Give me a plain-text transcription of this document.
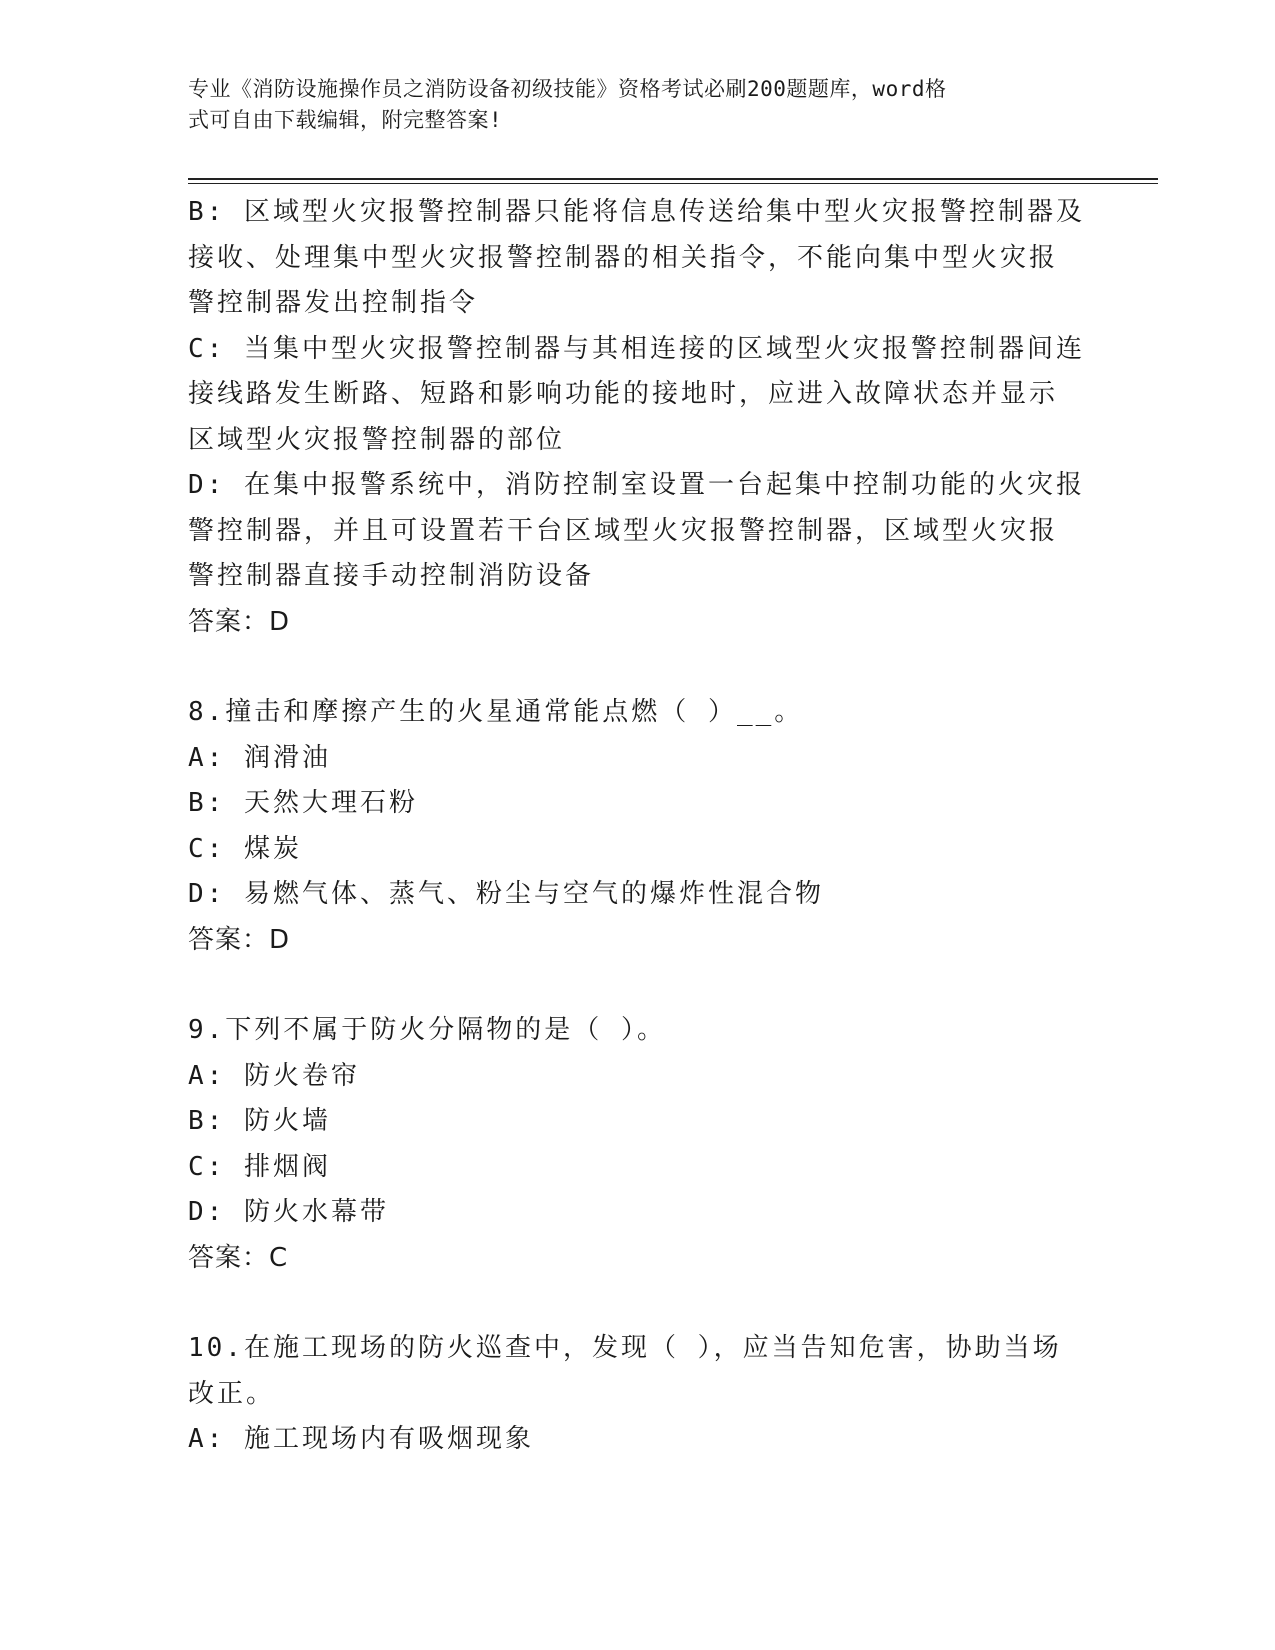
专业《消防设施操作员之消防设备初级技能》资格考试必刷200题题库，word格
式可自由下载编辑，附完整答案!
B: 区域型火灾报警控制器只能将信息传送给集中型火灾报警控制器及
接收、处理集中型火灾报警控制器的相关指令，不能向集中型火灾报
警控制器发出控制指令
C: 当集中型火灾报警控制器与其相连接的区域型火灾报警控制器间连
接线路发生断路、短路和影响功能的接地时，应进入故障状态并显示
区域型火灾报警控制器的部位
D: 在集中报警系统中，消防控制室设置一台起集中控制功能的火灾报
警控制器，并且可设置若干台区域型火灾报警控制器，区域型火灾报
警控制器直接手动控制消防设备
答案：D
8.撞击和摩擦产生的火星通常能点燃（ ）__。
A: 润滑油
B: 天然大理石粉
C: 煤炭
D: 易燃气体、蒸气、粉尘与空气的爆炸性混合物
答案：D
9.下列不属于防火分隔物的是（ ）。
A: 防火卷帘
B: 防火墙
C: 排烟阀
D: 防火水幕带
答案：C
10.在施工现场的防火巡查中，发现（ ），应当告知危害，协助当场
改正。
A: 施工现场内有吸烟现象
